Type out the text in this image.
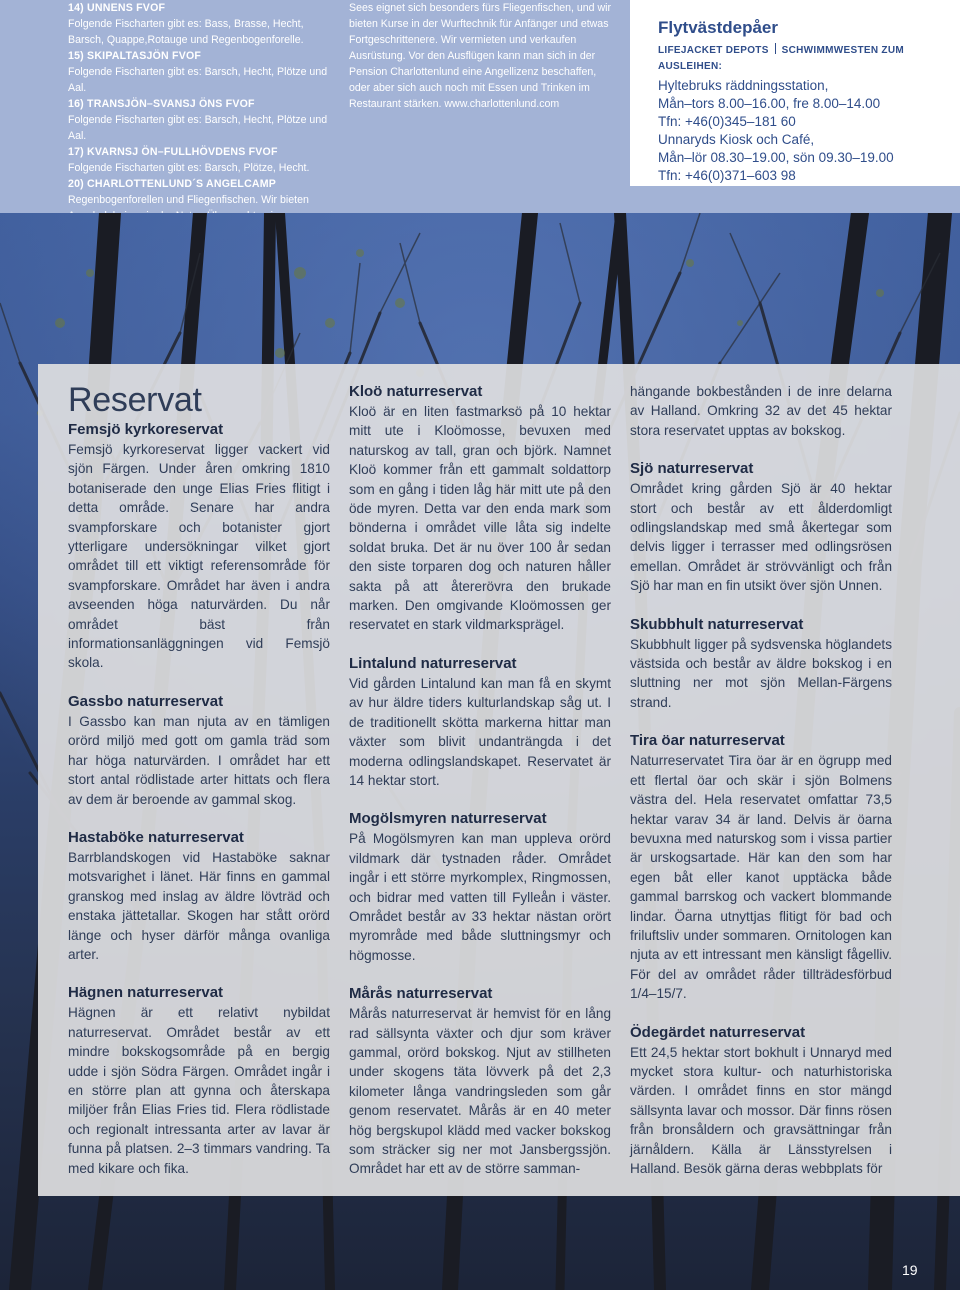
14) UNNENS FVOF

Folgende Fischarten gibt es: Bass, Brasse, Hecht, Barsch, Quappe,Rotauge und Regenbogenforelle.

15) SKIPALTASJÖN FVOF

Folgende Fischarten gibt es: Barsch, Hecht, Plötze und Aal.

16) TRANSJÖN–SVANSJ ÖNS FVOF

Folgende Fischarten gibt es: Barsch, Hecht, Plötze und Aal.

17) KVARNSJ ÖN–FULLHÖVDENS FVOF

Folgende Fischarten gibt es: Barsch, Plötze, Hecht.

20) CHARLOTTENLUND´S ANGELCAMP

Regenbogenforellen und Fliegenfischen. Wir bieten

Sees eignet sich besonders fürs Fliegenfischen, und wir bieten Kurse in der Wurftechnik für Anfänger und etwas Fortgeschrittenere. Wir vermieten und verkaufen Ausrüstung. Vor den Ausflügen kann man sich in der Pension Charlottenlund eine Angellizenz beschaffen, oder aber sich auch noch mit Essen und Trinken im Restaurant stärken. www.charlottenlund.com

Flytvästdepåer
LIFEJACKET DEPOTS SCHWIMMWESTEN ZUM AUSLEIHEN:
Hyltebruks räddningsstation,
Mån–tors 8.00–16.00, fre 8.00–14.00
Tfn: +46(0)345–181 60
Unnaryds Kiosk och Café,
Mån–lör 08.30–19.00, sön 09.30–19.00
Tfn: +46(0)371–603 98
Reservat
Femsjö kyrkoreservat

Femsjö kyrkoreservat ligger vackert vid sjön Färgen. Under åren omkring 1810 botaniserade den unge Elias Fries flitigt i detta område. Senare har andra svampforskare och botanister gjort ytterligare undersökningar vilket gjort området till ett viktigt referensområde för svampforskare. Området har även i andra avseenden höga naturvärden. Du når området bäst från informationsanläggningen vid Femsjö skola.

Gassbo naturreservat

I Gassbo kan man njuta av en tämligen orörd miljö med gott om gamla träd som har höga naturvärden. I området har ett stort antal rödlistade arter hittats och flera av dem är beroende av gammal skog.

Hastaböke naturreservat

Barrblandskogen vid Hastaböke saknar motsvarighet i länet. Här finns en gammal granskog med inslag av äldre lövträd och enstaka jättetallar. Skogen har stått orörd länge och hyser därför många ovanliga arter.

Hägnen naturreservat

Hägnen är ett relativt nybildat naturreservat. Området består av ett mindre bokskogsområde på en bergig udde i sjön Södra Färgen. Området ingår i en större plan att gynna och återskapa miljöer från Elias Fries tid. Flera rödlistade och regionalt intressanta arter av lavar är funna på platsen. 2–3 timmars vandring. Ta med kikare och fika.

Kloö naturreservat

Kloö är en liten fastmarksö på 10 hektar mitt ute i Kloömosse, bevuxen med naturskog av tall, gran och björk. Namnet Kloö kommer från ett gammalt soldattorp som en gång i tiden låg här mitt ute på den öde myren. Detta var den enda mark som bönderna i området ville låta sig indelte soldat bruka. Det är nu över 100 år sedan den siste torparen dog och naturen håller sakta på att återerövra den brukade marken. Den omgivande Kloömossen ger reservatet en stark vildmarksprägel.

Lintalund naturreservat

Vid gården Lintalund kan man få en skymt av hur äldre tiders kulturlandskap såg ut. I de traditionellt skötta markerna hittar man växter som blivit undanträngda i det moderna odlingslandskapet. Reservatet är 14 hektar stort.

Mogölsmyren naturreservat

På Mogölsmyren kan man uppleva orörd vildmark där tystnaden råder. Området ingår i ett större myrkomplex, Ringmossen, och bidrar med vatten till Fylleån i väster. Området består av 33 hektar nästan orört myrområde med både sluttningsmyr och högmosse.

Mårås naturreservat

Mårås naturreservat är hemvist för en lång rad sällsynta växter och djur som kräver gammal, orörd bokskog. Njut av stillheten under skogens täta lövverk på det 2,3 kilometer långa vandringsleden som går genom reservatet. Mårås är en 40 meter hög bergskupol klädd med vacker bokskog som sträcker sig ner mot Jansbergssjön. Området har ett av de större samman-

hängande bokbestånden i de inre delarna av Halland. Omkring 32 av det 45 hektar stora reservatet upptas av bokskog.

Sjö naturreservat

Området kring gården Sjö är 40 hektar stort och består av ett ålderdomligt odlingslandskap med små åkertegar som delvis ligger i terrasser med odlingsrösen emellan. Området är strövvänligt och från Sjö har man en fin utsikt över sjön Unnen.

Skubbhult naturreservat

Skubbhult ligger på sydsvenska höglandets västsida och består av äldre bokskog i en sluttning ner mot sjön Mellan-Färgens strand.

Tira öar naturreservat

Naturreservatet Tira öar är en ögrupp med ett flertal öar och skär i sjön Bolmens västra del. Hela reservatet omfattar 73,5 hektar varav 34 är land. Delvis är öarna bevuxna med naturskog som i vissa partier är urskogsartade. Här kan den som har egen båt eller kanot upptäcka både gammal barrskog och vackert blommande lindar. Öarna utnyttjas flitigt för bad och friluftsliv under sommaren. Ornitologen kan njuta av ett intressant men känsligt fågelliv. För del av området råder tillträdesförbud 1/4–15/7.

Ödegärdet naturreservat

Ett 24,5 hektar stort bokhult i Unnaryd med mycket stora kultur- och naturhistoriska värden. I området finns en stor mängd sällsynta lavar och mossor. Där finns rösen från bronsåldern och gravsättningar från järnåldern. Källa är Länsstyrelsen i Halland. Besök gärna deras webbplats för

19
